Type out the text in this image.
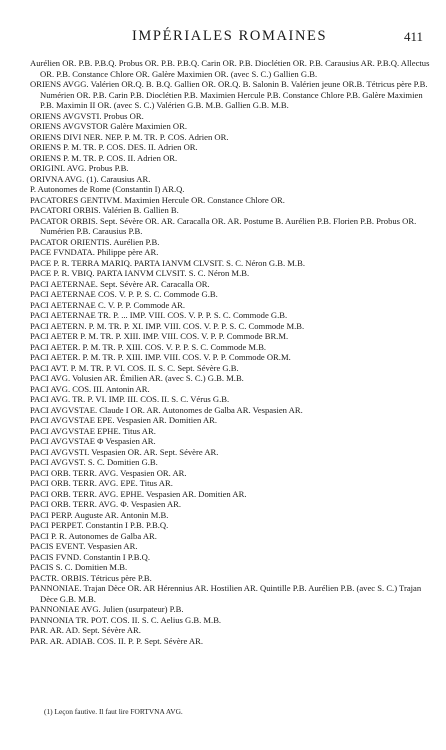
IMPÉRIALES ROMAINES	411

Aurélien OR. P.B. P.B.Q. Probus OR. P.B. P.B.Q. Carin OR. P.B. Dioclétien OR. P.B. Carausius AR. P.B.Q. Allectus OR. P.B. Constance Chlore OR. Galère Maximien OR. (avec S. C.) Gallien G.B.

ORIENS AVGG. Valérien OR.Q. B. B.Q. Gallien OR. OR.Q. B. Salonin B. Valérien jeune OR.B. Tétricus père P.B. Numérien OR. P.B. Carin P.B. Dioclétien P.B. Maximien Hercule P.B. Constance Chlore P.B. Galère Maximien P.B. Maximin II OR. (avec S. C.) Valérien G.B. M.B. Gallien G.B. M.B.

ORIENS AVGVSTI. Probus OR.

ORIENS AVGVSTOR Galère Maximien OR.

ORIENS DIVI NER. NEP. P. M. TR. P. COS. Adrien OR.

ORIENS P. M. TR. P. COS. DES. II. Adrien OR.

ORIENS P. M. TR. P. COS. II. Adrien OR.

ORIGINI. AVG. Probus P.B.

ORIVNA AVG. (1). Carausius AR.

P. Autonomes de Rome (Constantin I) AR.Q.

PACATORES GENTIVM. Maximien Hercule OR. Constance Chlore OR.

PACATORI ORBIS. Valérien B. Gallien B.

PACATOR ORBIS. Sept. Sévère OR. AR. Caracalla OR. AR. Postume B. Aurélien P.B. Florien P.B. Probus OR. Numérien P.B. Carausius P.B.

PACATOR ORIENTIS. Aurélien P.B.

PACE FVNDATA. Philippe père AR.

PACE P. R. TERRA MARIQ. PARTA IANVM CLVSIT. S. C. Néron G.B. M.B.

PACE P. R. VBIQ. PARTA IANVM CLVSIT. S. C. Néron M.B.

PACI AETERNAE. Sept. Sévère AR. Caracalla OR.

PACI AETERNAE COS. V. P. P. S. C. Commode G.B.

PACI AETERNAE C. V. P. P. Commode AR.

PACI AETERNAE TR. P. ... IMP. VIII. COS. V. P. P. S. C. Commode G.B.

PACI AETERN. P. M. TR. P. XI. IMP. VIII. COS. V. P. P. S. C. Commode M.B.

PACI AETER P. M. TR. P. XIII. IMP. VIII. COS. V. P. P. Commode BR.M.

PACI AETER. P. M. TR. P. XIII. COS. V. P. P. S. C. Commode M.B.

PACI AETER. P. M. TR. P. XIII. IMP. VIII. COS. V. P. P. Commode OR.M.

PACI AVT. P. M. TR. P. VI. COS. II. S. C. Sept. Sévère G.B.

PACI AVG. Volusien AR. Émilien AR. (avec S. C.) G.B. M.B.

PACI AVG. COS. III. Antonin AR.

PACI AVG. TR. P. VI. IMP. III. COS. II. S. C. Vérus G.B.

PACI AVGVSTAE. Claude I OR. AR. Autonomes de Galba AR. Vespasien AR.

PACI AVGVSTAE EPE. Vespasien AR. Domitien AR.

PACI AVGVSTAE EPHE. Titus AR.

PACI AVGVSTAE Φ Vespasien AR.

PACI AVGVSTI. Vespasien OR. AR. Sept. Sévère AR.

PACI AVGVST. S. C. Domitien G.B.

PACI ORB. TERR. AVG. Vespasien OR. AR.

PACI ORB. TERR. AVG. EPE. Titus AR.

PACI ORB. TERR. AVG. EPHE. Vespasien AR. Domitien AR.

PACI ORB. TERR. AVG. Φ. Vespasien AR.

PACI PERP. Auguste AR. Antonin M.B.

PACI PERPET. Constantin I P.B. P.B.Q.

PACI P. R. Autonomes de Galba AR.

PACIS EVENT. Vespasien AR.

PACIS FVND. Constantin I P.B.Q.

PACIS S. C. Domitien M.B.

PACTR. ORBIS. Tétricus père P.B.

PANNONIAE. Trajan Dèce OR. AR Hérennius AR. Hostilien AR. Quintille P.B. Aurélien P.B. (avec S. C.) Trajan Dèce G.B. M.B.

PANNONIAE AVG. Julien (usurpateur) P.B.

PANNONIA TR. POT. COS. II. S. C. Aelius G.B. M.B.

PAR. AR. AD. Sept. Sévère AR.

PAR. AR. ADIAB. COS. II. P. P. Sept. Sévère AR.

(1) Leçon fautive. Il faut lire FORTVNA AVG.
